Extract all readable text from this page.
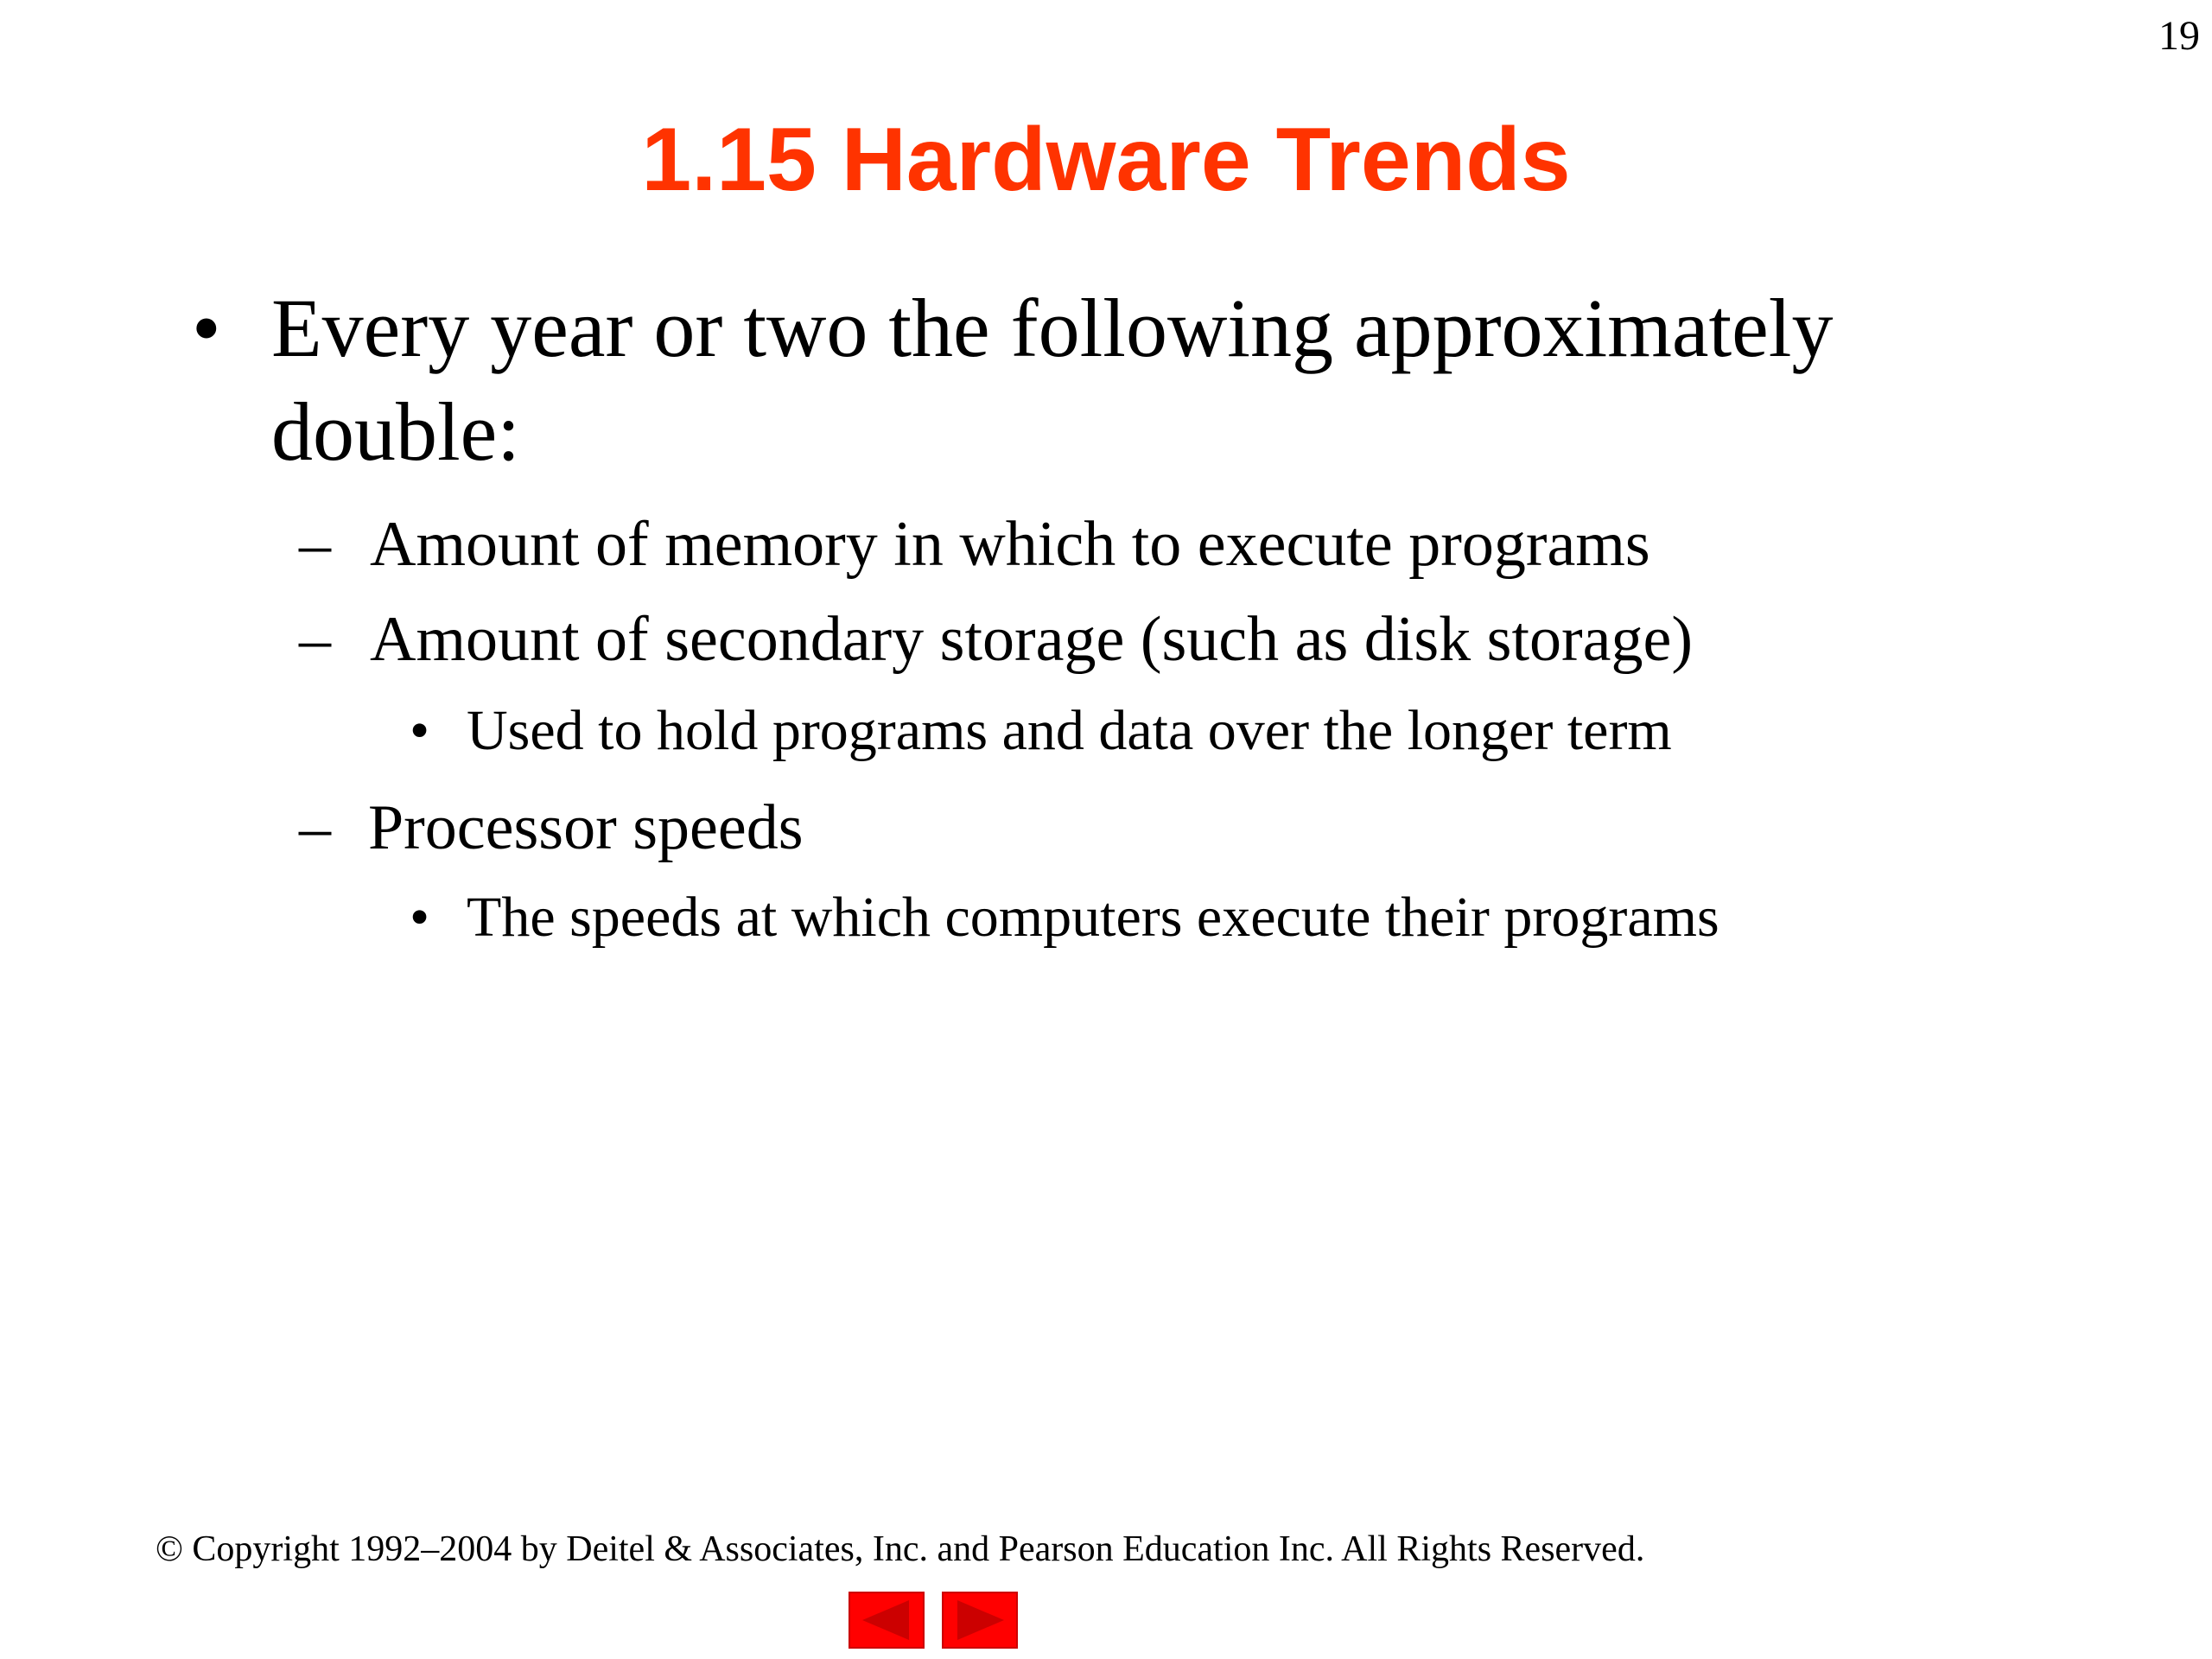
19
1.15 Hardware Trends
• Every year or two the following approximately
double:
– Amount of memory in which to execute programs
– Amount of secondary storage (such as disk storage)
• Used to hold programs and data over the longer term
– Processor speeds
• The speeds at which computers execute their programs
© Copyright 1992–2004 by Deitel & Associates, Inc. and Pearson Education Inc. All Rights Reserved.
